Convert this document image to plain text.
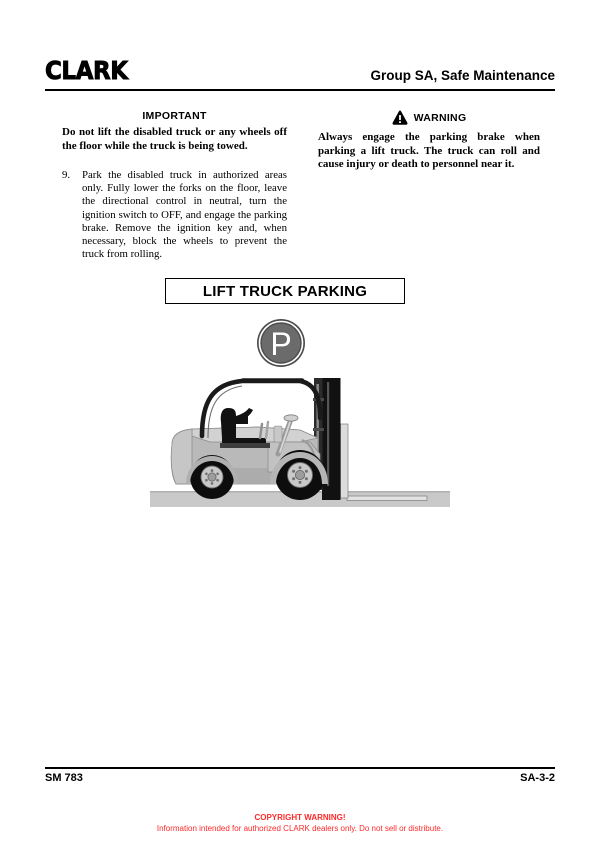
CLARK	Group SA, Safe Maintenance
IMPORTANT

Do not lift the disabled truck or any wheels off the floor while the truck is being towed.

9. Park the disabled truck in authorized areas only. Fully lower the forks on the floor, leave the directional control in neutral, turn the ignition switch to OFF, and engage the parking brake. Remove the ignition key and, when necessary, block the wheels to prevent the truck from rolling.

WARNING

Always engage the parking brake when parking a lift truck. The truck can roll and cause injury or death to personnel near it.

LIFT TRUCK PARKING
P
SM 783	SA-3-2
COPYRIGHT WARNING!
Information intended for authorized CLARK dealers only. Do not sell or distribute.
